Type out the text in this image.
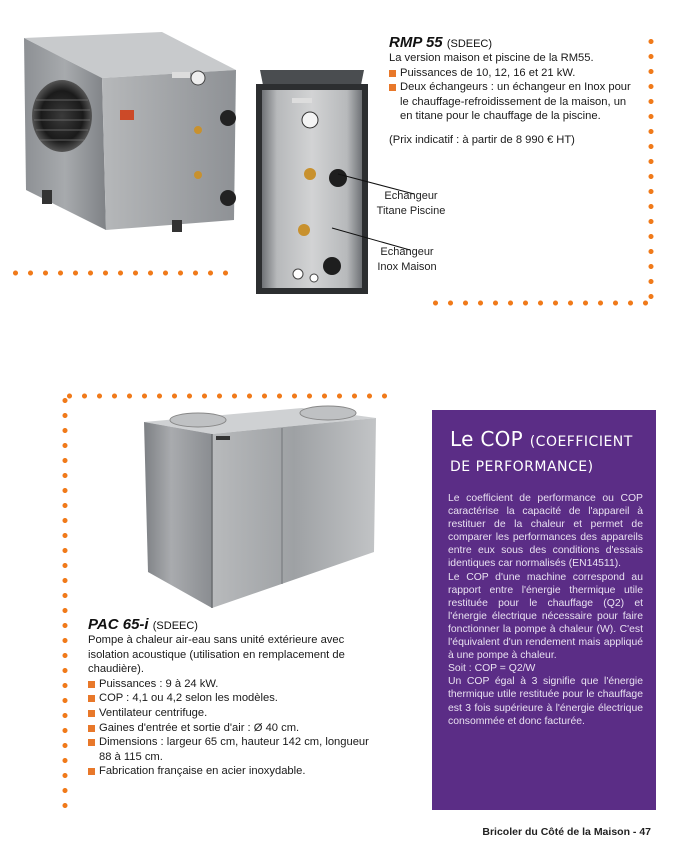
Echangeur
Titane Piscine
Echangeur
Inox Maison
RMP 55 (SDEEC)
La version maison et piscine de la RM55.
Puissances de 10, 12, 16 et 21 kW.
Deux échangeurs : un échangeur en Inox pour le chauffage-refroidissement de la maison, un en titane pour le chauffage de la piscine.
(Prix indicatif : à partir de 8 990 € HT)
PAC 65-i (SDEEC)
Pompe à chaleur air-eau sans unité extérieure avec isolation acoustique (utilisation en remplacement de chaudière).
Puissances : 9 à 24 kW.
COP : 4,1 ou 4,2 selon les modèles.
Ventilateur centrifuge.
Gaines d'entrée et sortie d'air : Ø 40 cm.
Dimensions : largeur 65 cm, hauteur 142 cm, longueur 88 à 115 cm.
Fabrication française en acier inoxydable.
Le COP (COEFFICIENT DE PERFORMANCE)

Le coefficient de performance ou COP caractérise la capacité de l'appareil à restituer de la chaleur et permet de comparer les performances des appareils entre eux sous des conditions d'essais identiques car normalisés (EN14511).

Le COP d'une machine correspond au rapport entre l'énergie thermique utile restituée pour le chauffage (Q2) et l'énergie électrique nécessaire pour faire fonctionner la pompe à chaleur (W). C'est l'équivalent d'un rendement mais appliqué à une pompe à chaleur.

Soit : COP = Q2/W

Un COP égal à 3 signifie que l'énergie thermique utile restituée pour le chauffage est 3 fois supérieure à l'énergie électrique consommée et donc facturée.

Bricoler du Côté de la Maison - 47
